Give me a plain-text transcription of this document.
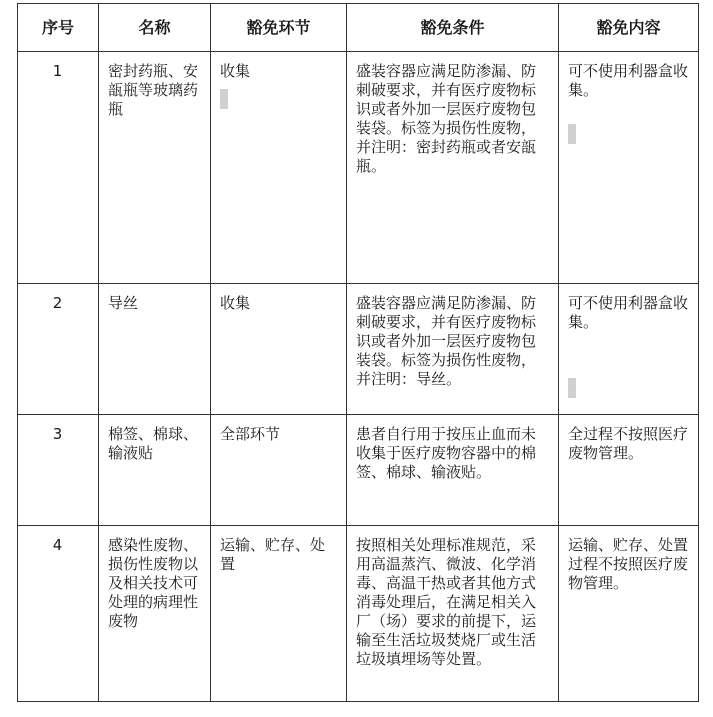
序号	名称	豁免环节	豁免条件	豁免内容
1	密封药瓶、安瓿瓶等玻璃药瓶	收集	盛装容器应满足防渗漏、防刺破要求，并有医疗废物标识或者外加一层医疗废物包装袋。标签为损伤性废物，并注明：密封药瓶或者安瓿瓶。	可不使用利器盒收集。

2	导丝	收集	盛装容器应满足防渗漏、防刺破要求，并有医疗废物标识或者外加一层医疗废物包装袋。标签为损伤性废物，并注明：导丝。	可不使用利器盒收集。

3	棉签、棉球、输液贴	全部环节	患者自行用于按压止血而未收集于医疗废物容器中的棉签、棉球、输液贴。	全过程不按照医疗废物管理。
4	感染性废物、损伤性废物以及相关技术可处理的病理性废物	运输、贮存、处置	按照相关处理标准规范，采用高温蒸汽、微波、化学消毒、高温干热或者其他方式消毒处理后，在满足相关入厂（场）要求的前提下，运输至生活垃圾焚烧厂或生活垃圾填埋场等处置。	运输、贮存、处置过程不按照医疗废物管理。
